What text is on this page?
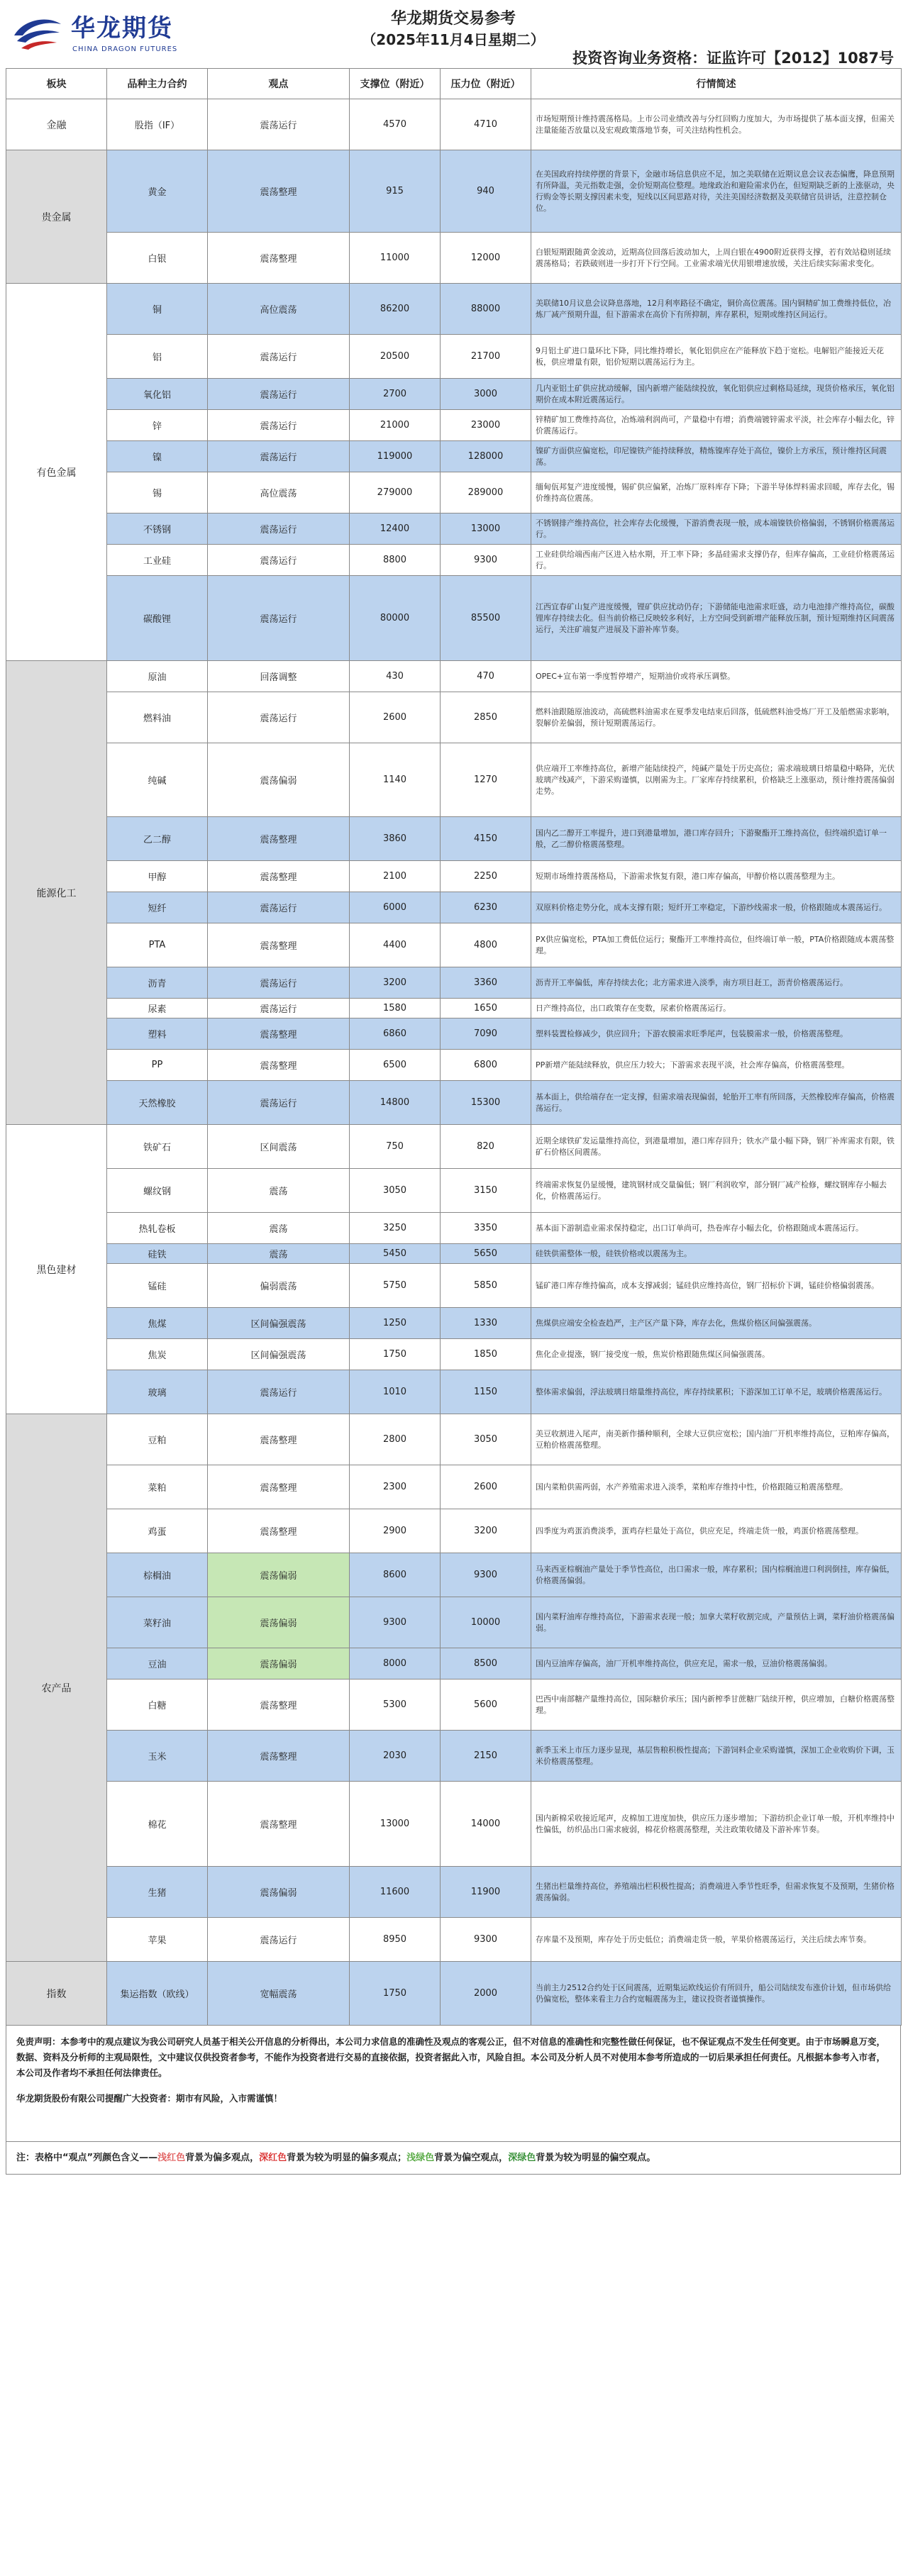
华龙期货
CHINA DRAGON FUTURES
华龙期货交易参考
（2025年11月4日星期二）
投资咨询业务资格：证监许可【2012】1087号
板块	品种主力合约	观点	支撑位（附近）	压力位（附近）	行情简述
金融	股指（IF）	震荡运行	4570	4710	市场短期预计维持震荡格局。上市公司业绩改善与分红回购力度加大，为市场提供了基本面支撑，但需关注量能能否放量以及宏观政策落地节奏，可关注结构性机会。
贵金属	黄金	震荡整理	915	940	在美国政府持续停摆的背景下，金融市场信息供应不足，加之美联储在近期议息会议表态偏鹰，降息预期有所降温，美元指数走强，金价短期高位整理。地缘政治和避险需求仍在，但短期缺乏新的上涨驱动，央行购金等长期支撑因素未变，短线以区间思路对待，关注美国经济数据及美联储官员讲话，注意控制仓位。
	白银	震荡整理	11000	12000	白银短期跟随黄金波动，近期高位回落后波动加大，上周白银在4900附近获得支撑，若有效站稳则延续震荡格局；若跌破则进一步打开下行空间。工业需求端光伏用银增速放缓，关注后续实际需求变化。
有色金属	铜	高位震荡	86200	88000	美联储10月议息会议降息落地，12月利率路径不确定，铜价高位震荡。国内铜精矿加工费维持低位，冶炼厂减产预期升温，但下游需求在高价下有所抑制，库存累积，短期或维持区间运行。
	铝	震荡运行	20500	21700	9月铝土矿进口量环比下降，同比维持增长，氧化铝供应在产能释放下趋于宽松。电解铝产能接近天花板，供应增量有限，铝价短期以震荡运行为主。
	氧化铝	震荡运行	2700	3000	几内亚铝土矿供应扰动缓解，国内新增产能陆续投放，氧化铝供应过剩格局延续，现货价格承压，氧化铝期价在成本附近震荡运行。
	锌	震荡运行	21000	23000	锌精矿加工费维持高位，冶炼端利润尚可，产量稳中有增；消费端镀锌需求平淡，社会库存小幅去化，锌价震荡运行。
	镍	震荡运行	119000	128000	镍矿方面供应偏宽松，印尼镍铁产能持续释放，精炼镍库存处于高位，镍价上方承压，预计维持区间震荡。
	锡	高位震荡	279000	289000	缅甸佤邦复产进度缓慢，锡矿供应偏紧，冶炼厂原料库存下降；下游半导体焊料需求回暖，库存去化，锡价维持高位震荡。
	不锈钢	震荡运行	12400	13000	不锈钢排产维持高位，社会库存去化缓慢，下游消费表现一般，成本端镍铁价格偏弱，不锈钢价格震荡运行。
	工业硅	震荡运行	8800	9300	工业硅供给端西南产区进入枯水期，开工率下降；多晶硅需求支撑仍存，但库存偏高，工业硅价格震荡运行。
	碳酸锂	震荡运行	80000	85500	江西宜春矿山复产进度缓慢，锂矿供应扰动仍存；下游储能电池需求旺盛，动力电池排产维持高位，碳酸锂库存持续去化。但当前价格已反映较多利好，上方空间受到新增产能释放压制，预计短期维持区间震荡运行，关注矿端复产进展及下游补库节奏。
能源化工	原油	回落调整	430	470	OPEC+宣布第一季度暂停增产，短期油价或将承压调整。
	燃料油	震荡运行	2600	2850	燃料油跟随原油波动，高硫燃料油需求在夏季发电结束后回落，低硫燃料油受炼厂开工及船燃需求影响，裂解价差偏弱，预计短期震荡运行。
	纯碱	震荡偏弱	1140	1270	供应端开工率维持高位，新增产能陆续投产，纯碱产量处于历史高位；需求端玻璃日熔量稳中略降，光伏玻璃产线减产，下游采购谨慎，以刚需为主。厂家库存持续累积，价格缺乏上涨驱动，预计维持震荡偏弱走势。
	乙二醇	震荡整理	3860	4150	国内乙二醇开工率提升，进口到港量增加，港口库存回升；下游聚酯开工维持高位，但终端织造订单一般，乙二醇价格震荡整理。
	甲醇	震荡整理	2100	2250	短期市场维持震荡格局，下游需求恢复有限，港口库存偏高，甲醇价格以震荡整理为主。
	短纤	震荡运行	6000	6230	双原料价格走势分化，成本支撑有限；短纤开工率稳定，下游纱线需求一般，价格跟随成本震荡运行。
	PTA	震荡整理	4400	4800	PX供应偏宽松，PTA加工费低位运行；聚酯开工率维持高位，但终端订单一般，PTA价格跟随成本震荡整理。
	沥青	震荡运行	3200	3360	沥青开工率偏低，库存持续去化；北方需求进入淡季，南方项目赶工，沥青价格震荡运行。
	尿素	震荡运行	1580	1650	日产维持高位，出口政策存在变数，尿素价格震荡运行。
	塑料	震荡整理	6860	7090	塑料装置检修减少，供应回升；下游农膜需求旺季尾声，包装膜需求一般，价格震荡整理。
	PP	震荡整理	6500	6800	PP新增产能陆续释放，供应压力较大；下游需求表现平淡，社会库存偏高，价格震荡整理。
	天然橡胶	震荡运行	14800	15300	基本面上，供给端存在一定支撑，但需求端表现偏弱，轮胎开工率有所回落，天然橡胶库存偏高，价格震荡运行。
黑色建材	铁矿石	区间震荡	750	820	近期全球铁矿发运量维持高位，到港量增加，港口库存回升；铁水产量小幅下降，钢厂补库需求有限，铁矿石价格区间震荡。
	螺纹钢	震荡	3050	3150	终端需求恢复仍显缓慢，建筑钢材成交量偏低；钢厂利润收窄，部分钢厂减产检修，螺纹钢库存小幅去化，价格震荡运行。
	热轧卷板	震荡	3250	3350	基本面下游制造业需求保持稳定，出口订单尚可，热卷库存小幅去化，价格跟随成本震荡运行。
	硅铁	震荡	5450	5650	硅铁供需整体一般，硅铁价格或以震荡为主。
	锰硅	偏弱震荡	5750	5850	锰矿港口库存维持偏高，成本支撑减弱；锰硅供应维持高位，钢厂招标价下调，锰硅价格偏弱震荡。
	焦煤	区间偏强震荡	1250	1330	焦煤供应端安全检查趋严，主产区产量下降，库存去化，焦煤价格区间偏强震荡。
	焦炭	区间偏强震荡	1750	1850	焦化企业提涨，钢厂接受度一般，焦炭价格跟随焦煤区间偏强震荡。
	玻璃	震荡运行	1010	1150	整体需求偏弱，浮法玻璃日熔量维持高位，库存持续累积；下游深加工订单不足，玻璃价格震荡运行。
农产品	豆粕	震荡整理	2800	3050	美豆收割进入尾声，南美新作播种顺利，全球大豆供应宽松；国内油厂开机率维持高位，豆粕库存偏高，豆粕价格震荡整理。
	菜粕	震荡整理	2300	2600	国内菜粕供需两弱，水产养殖需求进入淡季，菜粕库存维持中性，价格跟随豆粕震荡整理。
	鸡蛋	震荡整理	2900	3200	四季度为鸡蛋消费淡季，蛋鸡存栏量处于高位，供应充足，终端走货一般，鸡蛋价格震荡整理。
	棕榈油	震荡偏弱	8600	9300	马来西亚棕榈油产量处于季节性高位，出口需求一般，库存累积；国内棕榈油进口利润倒挂，库存偏低，价格震荡偏弱。
	菜籽油	震荡偏弱	9300	10000	国内菜籽油库存维持高位，下游需求表现一般；加拿大菜籽收割完成，产量预估上调，菜籽油价格震荡偏弱。
	豆油	震荡偏弱	8000	8500	国内豆油库存偏高，油厂开机率维持高位，供应充足，需求一般，豆油价格震荡偏弱。
	白糖	震荡整理	5300	5600	巴西中南部糖产量维持高位，国际糖价承压；国内新榨季甘蔗糖厂陆续开榨，供应增加，白糖价格震荡整理。
	玉米	震荡整理	2030	2150	新季玉米上市压力逐步显现，基层售粮积极性提高；下游饲料企业采购谨慎，深加工企业收购价下调，玉米价格震荡整理。
	棉花	震荡整理	13000	14000	国内新棉采收接近尾声，皮棉加工进度加快，供应压力逐步增加；下游纺织企业订单一般，开机率维持中性偏低，纺织品出口需求疲弱，棉花价格震荡整理，关注政策收储及下游补库节奏。
	生猪	震荡偏弱	11600	11900	生猪出栏量维持高位，养殖端出栏积极性提高；消费端进入季节性旺季，但需求恢复不及预期，生猪价格震荡偏弱。
	苹果	震荡运行	8950	9300	存库量不及预期，库存处于历史低位；消费端走货一般，苹果价格震荡运行，关注后续去库节奏。
指数	集运指数（欧线）	宽幅震荡	1750	2000	当前主力2512合约处于区间震荡，近期集运欧线运价有所回升，船公司陆续发布涨价计划，但市场供给仍偏宽松，整体来看主力合约宽幅震荡为主，建议投资者谨慎操作。
免责声明：本参考中的观点建议为我公司研究人员基于相关公开信息的分析得出，本公司力求信息的准确性及观点的客观公正，但不对信息的准确性和完整性做任何保证，也不保证观点不发生任何变更。由于市场瞬息万变，数据、资料及分析师的主观局限性，文中建议仅供投资者参考，不能作为投资者进行交易的直接依据，投资者据此入市，风险自担。本公司及分析人员不对使用本参考所造成的一切后果承担任何责任。凡根据本参考入市者，本公司及作者均不承担任何法律责任。
华龙期货股份有限公司提醒广大投资者：期市有风险，入市需谨慎！
注：表格中“观点”列颜色含义——浅红色背景为偏多观点，深红色背景为较为明显的偏多观点；浅绿色背景为偏空观点，深绿色背景为较为明显的偏空观点。
